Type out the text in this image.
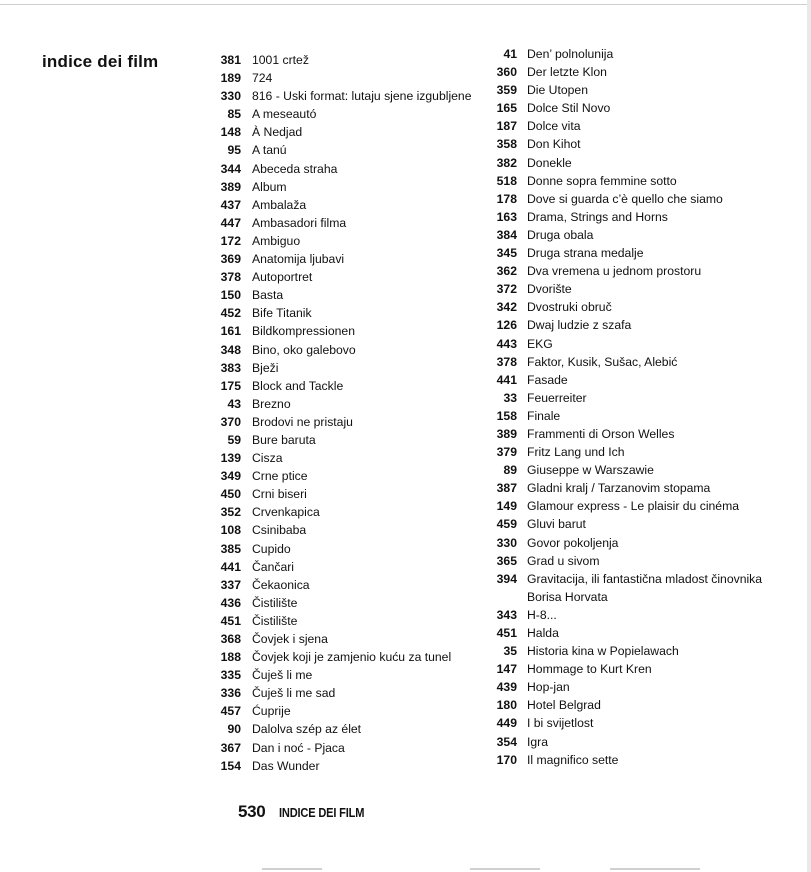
indice dei film	381 1001 crtež
189 724
330 816 - Uski format: lutaju sjene izgubljene
85 A meseautó
148 À Nedjad
95 A tanú
344 Abeceda straha
389 Album
437 Ambalaža
447 Ambasadori filma
172 Ambiguo
369 Anatomija ljubavi
378 Autoportret
150 Basta
452 Bife Titanik
161 Bildkompressionen
348 Bino, oko galebovo
383 Bježi
175 Block and Tackle
43 Brezno
370 Brodovi ne pristaju
59 Bure baruta
139 Cisza
349 Crne ptice
450 Crni biseri
352 Crvenkapica
108 Csinibaba
385 Cupido
441 Čančari
337 Čekaonica
436 Čistilište
451 Čistilište
368 Čovjek i sjena
188 Čovjek koji je zamjenio kuću za tunel
335 Čuješ li me
336 Čuješ li me sad
457 Ćuprije
90 Dalolva szép az élet
367 Dan i noć - Pjaca
154 Das Wunder
41 Den’ polnolunija
360 Der letzte Klon
359 Die Utopen
165 Dolce Stil Novo
187 Dolce vita
358 Don Kihot
382 Donekle
518 Donne sopra femmine sotto
178 Dove si guarda c’è quello che siamo
163 Drama, Strings and Horns
384 Druga obala
345 Druga strana medalje
362 Dva vremena u jednom prostoru
372 Dvorište
342 Dvostruki obruč
126 Dwaj ludzie z szafa
443 EKG
378 Faktor, Kusik, Sušac, Alebić
441 Fasade
33 Feuerreiter
158 Finale
389 Frammenti di Orson Welles
379 Fritz Lang und Ich
89 Giuseppe w Warszawie
387 Gladni kralj / Tarzanovim stopama
149 Glamour express - Le plaisir du cinéma
459 Gluvi barut
330 Govor pokoljenja
365 Grad u sivom
394 Gravitacija, ili fantastična mladost činovnika Borisa Horvata
343 H-8...
451 Halda
35 Historia kina w Popielawach
147 Hommage to Kurt Kren
439 Hop-jan
180 Hotel Belgrad
449 I bi svijetlost
354 Igra
170 Il magnifico sette
530 INDICE DEI FILM
